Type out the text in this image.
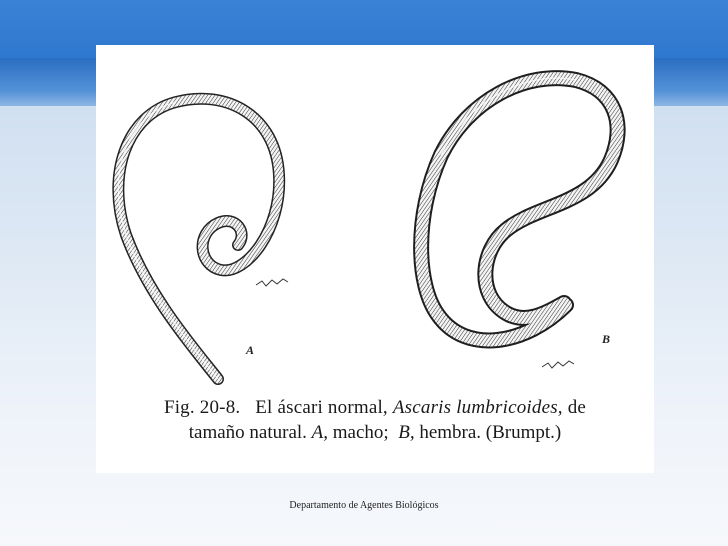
A
B
Fig. 20-8. El áscari normal, Ascaris lumbricoides, de
tamaño natural. A, macho; B, hembra. (Brumpt.)
Departamento de Agentes Biológicos
